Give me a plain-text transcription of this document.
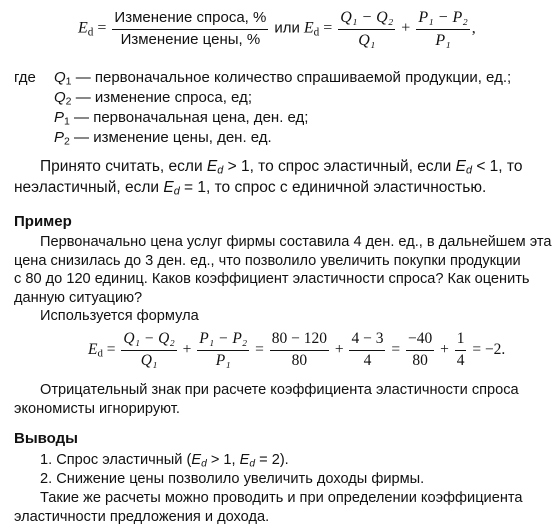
$E_d = \frac{\text{Изменение спроса, \%}}{\text{Изменение цены, \%}}$ или $E_d = \frac{\text{Q₁ − Q₂}}{\text{Q₁}} + \frac{\text{P₁ − P₂}}{\text{P₁}}$ ,
где $Q_1$ — первоначальное количество спрашиваемой продукции, ед.;
$Q_2$ — изменение спроса, ед;
$P_1$ — первоначальная цена, ден. ед;
$P_2$ — изменение цены, ден. ед.
Принято считать, если $E_d > 1$, то спрос эластичный, если $E_d < 1$, то
неэластичный, если $E_d = 1$, то спрос с единичной эластичностью.
Пример
Первоначально цена услуг фирмы составила 4 ден. ед., в дальнейшем эта
цена снизилась до 3 ден. ед., что позволило увеличить покупки продукции
с 80 до 120 единиц. Каков коэффициент эластичности спроса? Как оценить
данную ситуацию?
Используется формула
$E_d = \frac{\text{Q₁ − Q₂}}{\text{Q₁}} + \frac{\text{P₁ − P₂}}{\text{P₁}} = \frac{80 - 120}{80} + \frac{4 - 3}{4} = \frac{-40}{80} + \frac{1}{4} = -2$.
Отрицательный знак при расчете коэффициента эластичности спроса
экономисты игнорируют.
Выводы
1. Спрос эластичный ($E_d > 1$, $E_d = 2$).
2. Снижение цены позволило увеличить доходы фирмы.
Такие же расчеты можно проводить и при определении коэффициента
эластичности предложения и дохода.
